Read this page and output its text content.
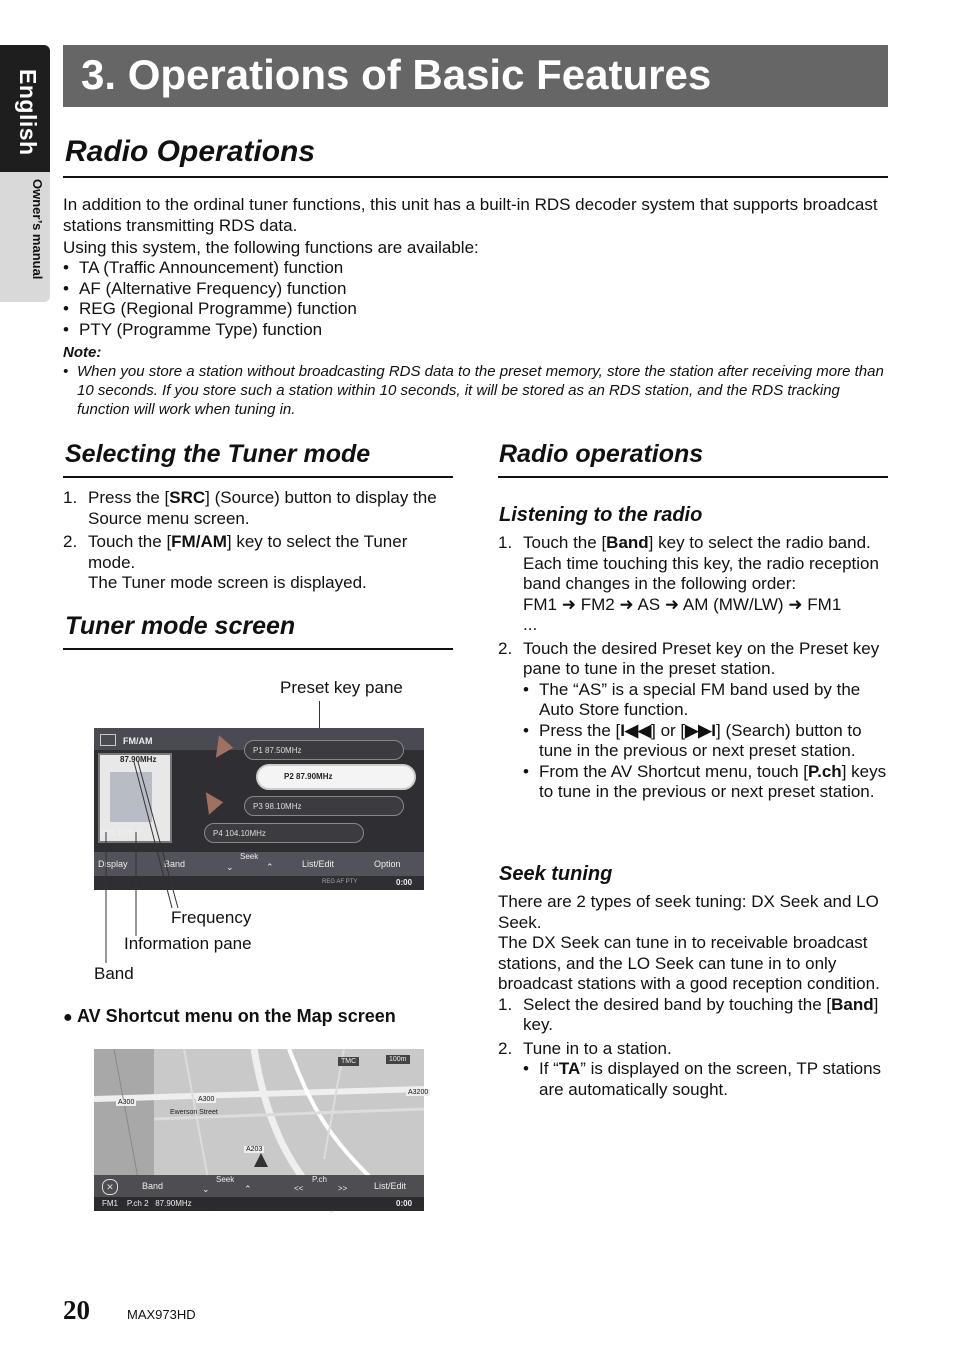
English
Owner’s manual
3. Operations of Basic Features
Radio Operations
In addition to the ordinal tuner functions, this unit has a built-in RDS decoder system that supports broadcast stations transmitting RDS data.
Using this system, the following functions are available:
• TA (Traffic Announcement) function
• AF (Alternative Frequency) function
• REG (Regional Programme) function
• PTY (Programme Type) function
Note:
• When you store a station without broadcasting RDS data to the preset memory, store the station after receiving more than 10 seconds. If you store such a station within 10 seconds, it will be stored as an RDS station, and the RDS tracking function will work when tuning in.
Selecting the Tuner mode
1. Press the [SRC] (Source) button to display the Source menu screen.
2. Touch the [FM/AM] key to select the Tuner mode.
The Tuner mode screen is displayed.
Tuner mode screen
Preset key pane
FM/AM
87.90MHz
FM1 P.ch 2
P1 87.50MHz
P2 87.90MHz
P3 98.10MHz
P4 104.10MHz
Display	Band
Seek
⌄	⌃	List/Edit	Option
REG AF PTY	0:00
Frequency
Information pane
Band
● AV Shortcut menu on the Map screen
A300	A300
Ewerson Street
A3200
A203
TMC	100m
✕	Band
Seek
⌄	⌃
P.ch
<<	>>	List/Edit
FM1    P.ch 2   87.90MHz	0:00
Radio operations
Listening to the radio
1. Touch the [Band] key to select the radio band. Each time touching this key, the radio reception band changes in the following order:
FM1 ➜ FM2 ➜ AS ➜ AM (MW/LW) ➜ FM1 ...
2. Touch the desired Preset key on the Preset key pane to tune in the preset station.
• The “AS” is a special FM band used by the Auto Store function.
• Press the [I◀◀] or [▶▶I] (Search) button to tune in the previous or next preset station.
• From the AV Shortcut menu, touch [P.ch] keys to tune in the previous or next preset station.
Seek tuning
There are 2 types of seek tuning: DX Seek and LO Seek.
The DX Seek can tune in to receivable broadcast stations, and the LO Seek can tune in to only broadcast stations with a good reception condition.
1. Select the desired band by touching the [Band] key.
2. Tune in to a station.
• If “TA” is displayed on the screen, TP stations are automatically sought.
20	MAX973HD
